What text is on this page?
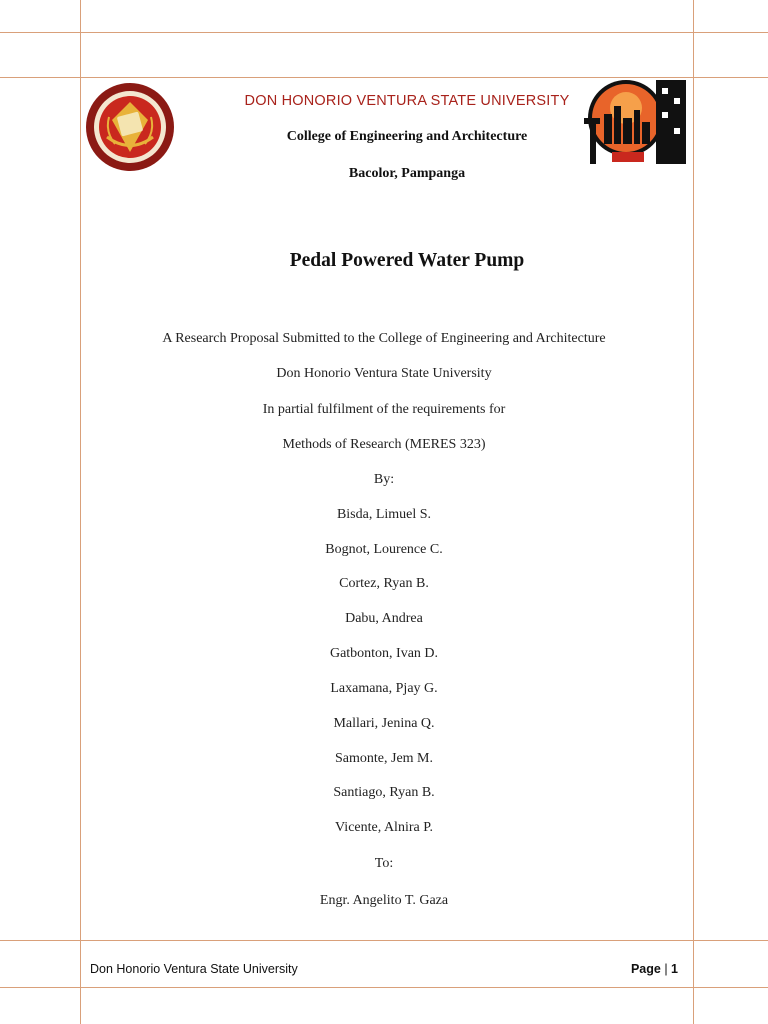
DON HONORIO VENTURA STATE UNIVERSITY
College of Engineering and Architecture
Bacolor, Pampanga
Pedal Powered Water Pump
A Research Proposal Submitted to the College of Engineering and Architecture
Don Honorio Ventura State University
In partial fulfilment of the requirements for
Methods of Research (MERES 323)
By:
Bisda, Limuel S.
Bognot, Lourence C.
Cortez, Ryan B.
Dabu, Andrea
Gatbonton, Ivan D.
Laxamana, Pjay G.
Mallari, Jenina Q.
Samonte, Jem M.
Santiago, Ryan B.
Vicente, Alnira P.
To:
Engr. Angelito T. Gaza
Don Honorio Ventura State University	Page | 1
